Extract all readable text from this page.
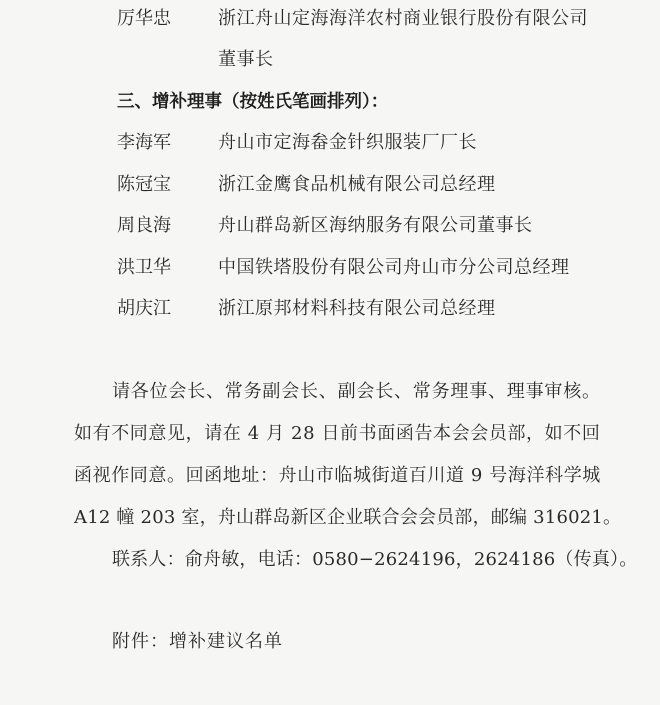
厉华忠	浙江舟山定海海洋农村商业银行股份有限公司
董事长
三、增补理事（按姓氏笔画排列）：
李海军	舟山市定海畚金针织服装厂厂长
陈冠宝	浙江金鹰食品机械有限公司总经理
周良海	舟山群岛新区海纳服务有限公司董事长
洪卫华	中国铁塔股份有限公司舟山市分公司总经理
胡庆江	浙江原邦材料科技有限公司总经理
请各位会长、常务副会长、副会长、常务理事、理事审核。
如有不同意见，请在 4 月 28 日前书面函告本会会员部，如不回
函视作同意。回函地址：舟山市临城街道百川道 9 号海洋科学城
A12 幢 203 室，舟山群岛新区企业联合会会员部，邮编 316021。
联系人：俞舟敏，电话：0580−2624196，2624186（传真）。
附件：增补建议名单
